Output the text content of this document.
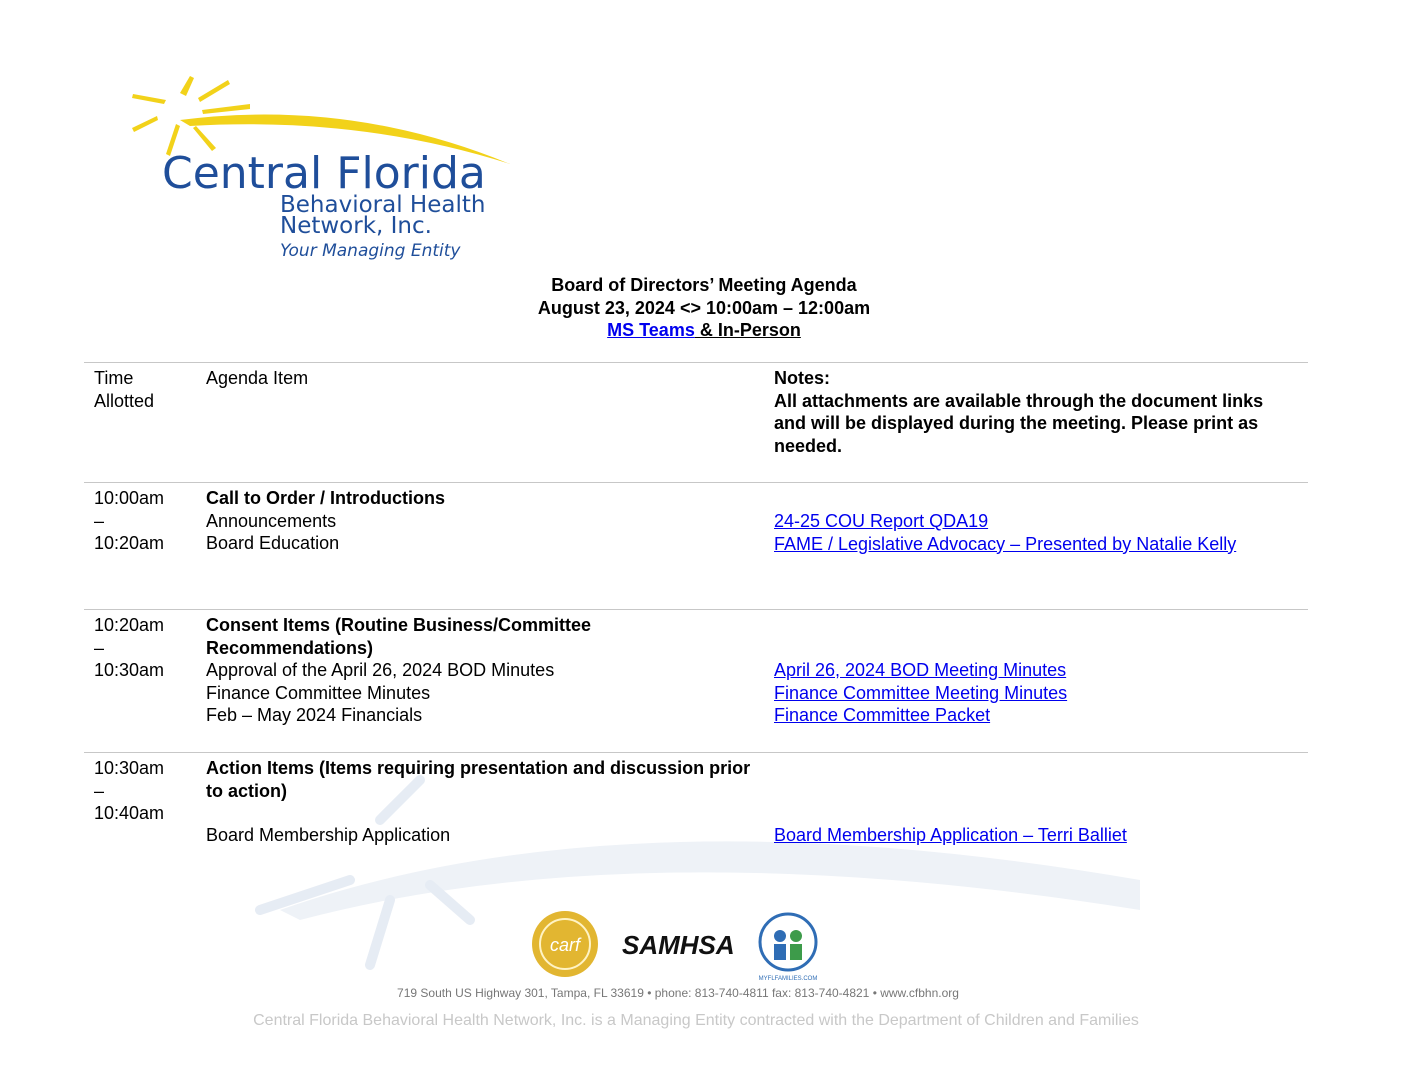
Central Florida
Behavioral Health
Network, Inc.
Your Managing Entity
Board of Directors’ Meeting Agenda
August 23, 2024 <> 10:00am – 12:00am
MS Teams & In-Person
Time
Allotted
Agenda Item	Notes:
All attachments are available through the document links and will be displayed during the meeting. Please print as needed.
10:00am
–
10:20am
Call to Order / Introductions
Announcements
Board Education
24-25 COU Report QDA19
FAME / Legislative Advocacy – Presented by Natalie Kelly
10:20am
–
10:30am
Consent Items (Routine Business/Committee Recommendations)
Approval of the April 26, 2024 BOD Minutes
Finance Committee Minutes
Feb – May 2024 Financials
April 26, 2024 BOD Meeting Minutes
Finance Committee Meeting Minutes
Finance Committee Packet
10:30am
–
10:40am
Action Items (Items requiring presentation and discussion prior to action)
Board Membership Application	Board Membership Application – Terri Balliet
carf SAMHSA
MYFLFAMILIES.COM
719 South US Highway 301, Tampa, FL 33619 • phone: 813-740-4811 fax: 813-740-4821 • www.cfbhn.org
Central Florida Behavioral Health Network, Inc. is a Managing Entity contracted with the Department of Children and Families
